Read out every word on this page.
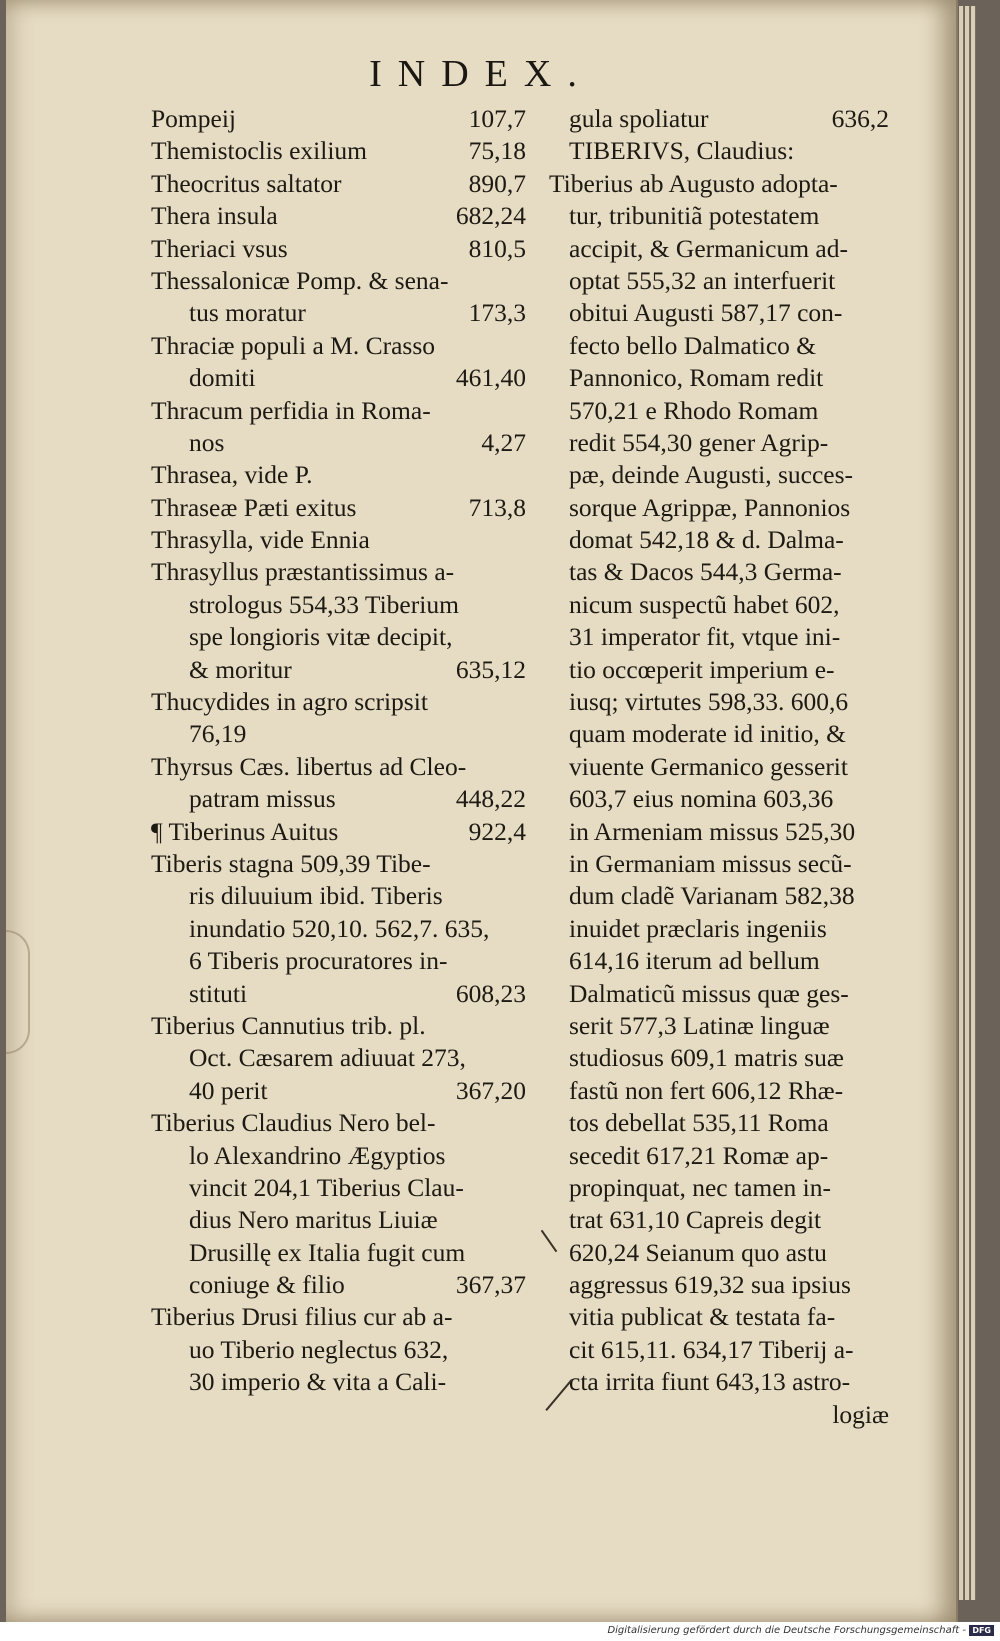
INDEX.
Pompeij	107,7
Themistoclis exilium	75,18
Theocritus saltator	890,7
Thera insula	682,24
Theriaci vsus	810,5
Thessalonicæ Pomp. & sena-
tus moratur	173,3
Thraciæ populi a M. Crasso
domiti	461,40
Thracum perfidia in Roma-
nos	4,27
Thrasea, vide P.
Thraseæ Pæti exitus	713,8
Thrasylla, vide Ennia
Thrasyllus præstantissimus a-
strologus 554,33 Tiberium
spe longioris vitæ decipit,
& moritur	635,12
Thucydides in agro scripsit
76,19
Thyrsus Cæs. libertus ad Cleo-
patram missus	448,22
¶ Tiberinus Auitus	922,4
Tiberis stagna 509,39 Tibe-
ris diluuium ibid. Tiberis
inundatio 520,10. 562,7. 635,
6 Tiberis procuratores in-
stituti	608,23
Tiberius Cannutius trib. pl.
Oct. Cæsarem adiuuat 273,
40 perit	367,20
Tiberius Claudius Nero bel-
lo Alexandrino Ægyptios
vincit 204,1 Tiberius Clau-
dius Nero maritus Liuiæ
Drusillę ex Italia fugit cum
coniuge & filio	367,37
Tiberius Drusi filius cur ab a-
uo Tiberio neglectus 632,
30 imperio & vita a Cali-
gula spoliatur	636,2
TIBERIVS, Claudius:
Tiberius ab Augusto adopta-
tur, tribunitiã potestatem
accipit, & Germanicum ad-
optat 555,32 an interfuerit
obitui Augusti 587,17 con-
fecto bello Dalmatico &
Pannonico, Romam redit
570,21 e Rhodo Romam
redit 554,30 gener Agrip-
pæ, deinde Augusti, succes-
sorque Agrippæ, Pannonios
domat 542,18 & d. Dalma-
tas & Dacos 544,3 Germa-
nicum suspectũ habet 602,
31 imperator fit, vtque ini-
tio occœperit imperium e-
iusq; virtutes 598,33. 600,6
quam moderate id initio, &
viuente Germanico gesserit
603,7 eius nomina 603,36
in Armeniam missus 525,30
in Germaniam missus secũ-
dum cladẽ Varianam 582,38
inuidet præclaris ingeniis
614,16 iterum ad bellum
Dalmaticũ missus quæ ges-
serit 577,3 Latinæ linguæ
studiosus 609,1 matris suæ
fastũ non fert 606,12 Rhæ-
tos debellat 535,11 Roma
secedit 617,21 Romæ ap-
propinquat, nec tamen in-
trat 631,10 Capreis degit
620,24 Seianum quo astu
aggressus 619,32 sua ipsius
vitia publicat & testata fa-
cit 615,11. 634,17 Tiberij a-
cta irrita fiunt 643,13 astro-
logiæ
Digitalisierung gefördert durch die Deutsche Forschungsgemeinschaft - DFG
